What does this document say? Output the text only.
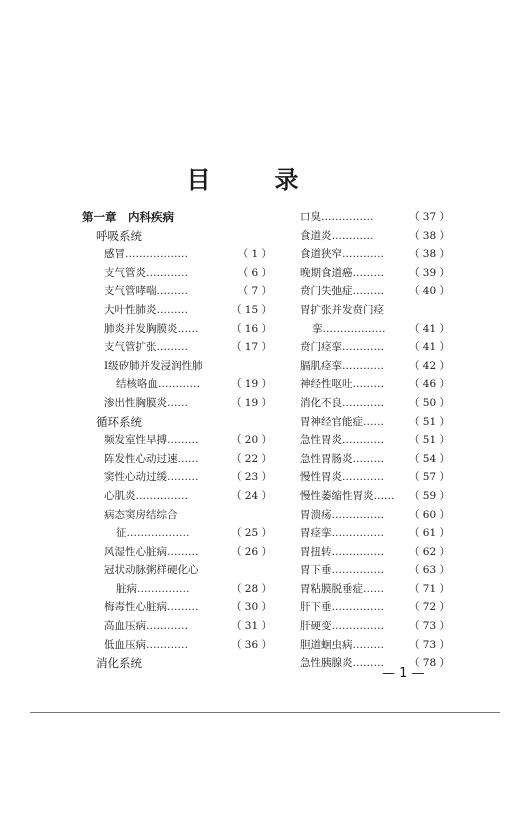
目　录
第一章　内科疾病
呼吸系统
感冒………………	（ 1 ）
支气管炎…………	（ 6 ）
支气管哮喘………	（ 7 ）
大叶性肺炎………	（ 15 ）
肺炎并发胸膜炎……	（ 16 ）
支气管扩张………	（ 17 ）
I级矽肺并发浸润性肺
结核咯血…………	（ 19 ）
渗出性胸膜炎……	（ 19 ）
循环系统
频发室性早搏………	（ 20 ）
阵发性心动过速……	（ 22 ）
窦性心动过缓………	（ 23 ）
心肌炎……………	（ 24 ）
病态窦房结综合
征………………	（ 25 ）
风湿性心脏病………	（ 26 ）
冠状动脉粥样硬化心
脏病……………	（ 28 ）
梅毒性心脏病………	（ 30 ）
高血压病…………	（ 31 ）
低血压病…………	（ 36 ）
消化系统
口臭……………	（ 37 ）
食道炎…………	（ 38 ）
食道狭窄………… （ 38 ）
晚期食道癌……… （ 39 ）
贲门失弛症……… （ 40 ）
胃扩张并发贲门痉
挛……………… （ 41 ）
贲门痉挛………… （ 41 ）
膈肌痉挛………… （ 42 ）
神经性呕吐……… （ 46 ）
消化不良………… （ 50 ）
胃神经官能症…… （ 51 ）
急性胃炎………… （ 51 ）
急性胃肠炎……… （ 54 ）
慢性胃炎………… （ 57 ）
慢性萎缩性胃炎…… （ 59 ）
胃溃疡…………… （ 60 ）
胃痉挛…………… （ 61 ）
胃扭转…………… （ 62 ）
胃下垂…………… （ 63 ）
胃粘膜脱垂症…… （ 71 ）
肝下垂…………… （ 72 ）
肝硬变…………… （ 73 ）
胆道蛔虫病……… （ 73 ）
急性胰腺炎……… （ 78 ）
— 1 —
